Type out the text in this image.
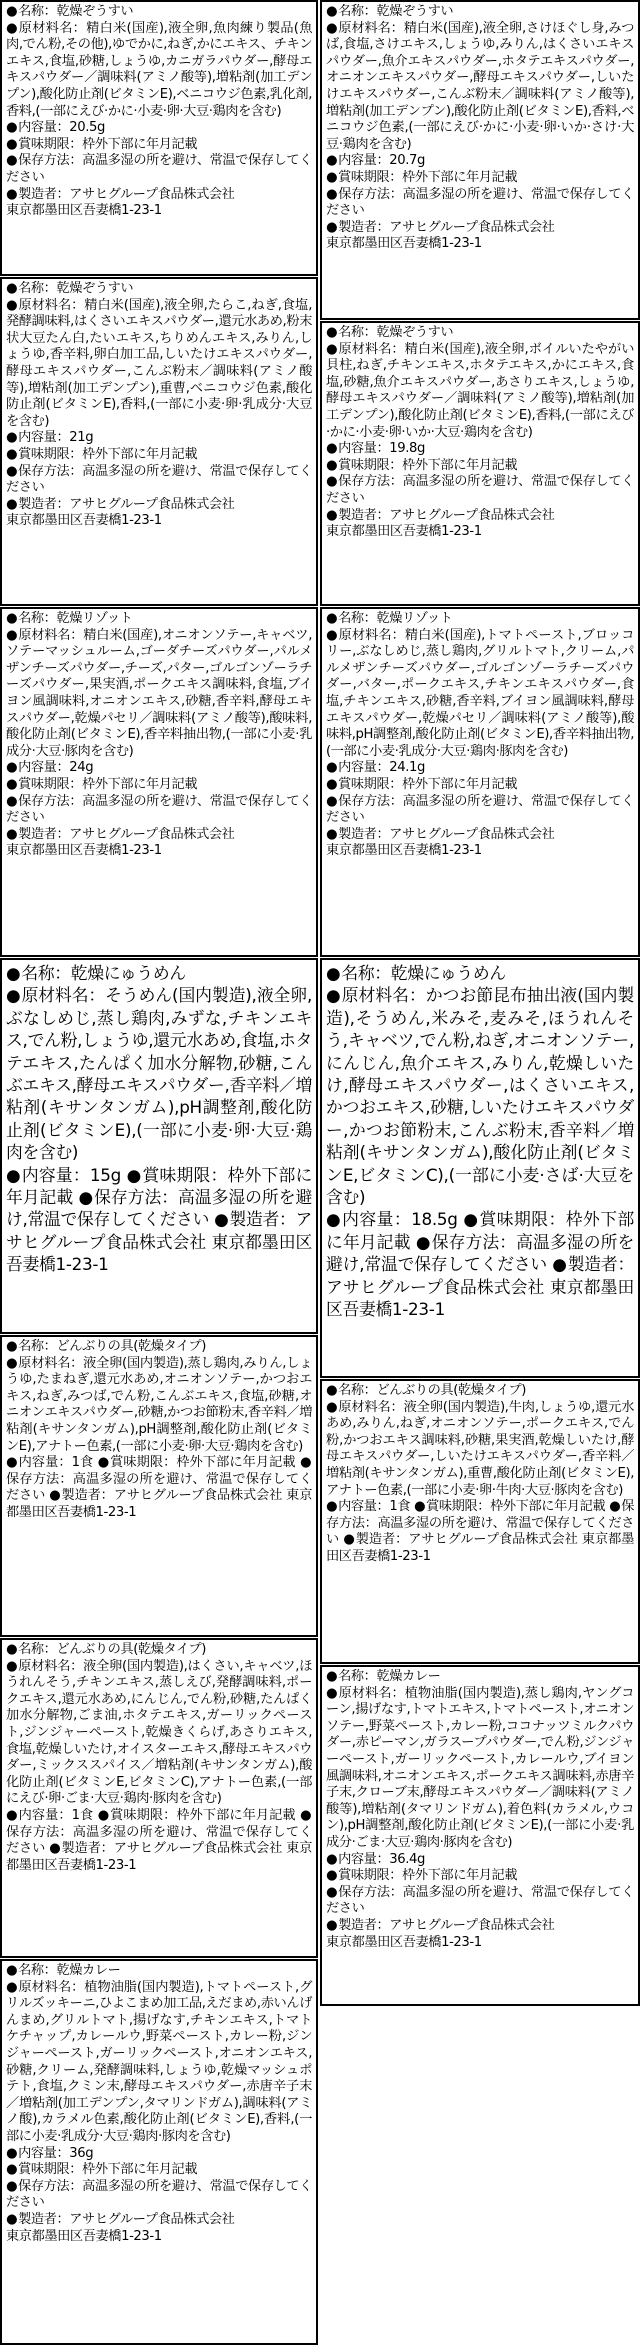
●名称：乾燥ぞうすい
●原材料名：精白米(国産),液全卵,魚肉練り製品(魚肉,でん粉,その他),ゆでかに,ねぎ,かにエキス、チキンエキス,食塩,砂糖,しょうゆ,カニガラパウダー,酵母エキスパウダー／調味料(アミノ酸等),増粘剤(加工デンプン),酸化防止剤(ビタミンE),ベニコウジ色素,乳化剤,香料,(一部にえび·かに·小麦·卵·大豆·鶏肉を含む)
●内容量：20.5g
●賞味期限：枠外下部に年月記載
●保存方法：高温多湿の所を避け、常温で保存してください
●製造者：アサヒグループ食品株式会社
東京都墨田区吾妻橋1-23-1
●名称：乾燥ぞうすい
●原材料名：精白米(国産),液全卵,たらこ,ねぎ,食塩,発酵調味料,はくさいエキスパウダー,還元水あめ,粉末状大豆たん白,たいエキス,ちりめんエキス,みりん,しょうゆ,香辛料,卵白加工品,しいたけエキスパウダー,酵母エキスパウダー,こんぶ粉末／調味料(アミノ酸等),増粘剤(加工デンプン),重曹,ベニコウジ色素,酸化防止剤(ビタミンE),香料,(一部に小麦·卵·乳成分·大豆を含む)
●内容量：21g
●賞味期限：枠外下部に年月記載
●保存方法：高温多湿の所を避け、常温で保存してください
●製造者：アサヒグループ食品株式会社
東京都墨田区吾妻橋1-23-1
●名称：乾燥リゾット
●原材料名：精白米(国産),オニオンソテー,キャベツ,ソテーマッシュルーム,ゴーダチーズパウダー,パルメザンチーズパウダー,チーズ,パター,ゴルゴンゾーラチーズパウダー,果実酒,ポークエキス調味料,食塩,ブイヨン風調味料,オニオンエキス,砂糖,香辛料,酵母エキスパウダー,乾燥パセリ／調味料(アミノ酸等),酸味料,酸化防止剤(ビタミンE),香辛料抽出物,(一部に小麦·乳成分·大豆·豚肉を含む)
●内容量：24g
●賞味期限：枠外下部に年月記載
●保存方法：高温多湿の所を避け、常温で保存してください
●製造者：アサヒグループ食品株式会社
東京都墨田区吾妻橋1-23-1
●名称：乾燥にゅうめん
●原材料名：そうめん(国内製造),液全卵,ぶなしめじ,蒸し鶏肉,みずな,チキンエキス,でん粉,しょうゆ,還元水あめ,食塩,ホタテエキス,たんぱく加水分解物,砂糖,こんぶエキス,酵母エキスパウダー,香辛料／増粘剤(キサンタンガム),pH調整剤,酸化防止剤(ビタミンE),(一部に小麦·卵·大豆·鶏肉を含む)
●内容量：15g ●賞味期限：枠外下部に年月記載 ●保存方法：高温多湿の所を避け,常温で保存してください ●製造者：アサヒグループ食品株式会社 東京都墨田区吾妻橋1-23-1
●名称：どんぶりの具(乾燥タイプ)
●原材料名：液全卵(国内製造),蒸し鶏肉,みりん,しょうゆ,たまねぎ,還元水あめ,オニオンソテー,かつおエキス,ねぎ,みつば,でん粉,こんぶエキス,食塩,砂糖,オニオンエキスパウダー,砂糖,かつお節粉末,香辛料／増粘剤(キサンタンガム),pH調整剤,酸化防止剤(ビタミンE),アナトー色素,(一部に小麦·卵·大豆·鶏肉を含む)
●内容量：1食 ●賞味期限：枠外下部に年月記載 ●保存方法：高温多湿の所を避け、常温で保存してください ●製造者：アサヒグループ食品株式会社 東京都墨田区吾妻橋1-23-1
●名称：どんぶりの具(乾燥タイプ)
●原材料名：液全卵(国内製造),はくさい,キャベツ,ほうれんそう,チキンエキス,蒸しえび,発酵調味料,ポークエキス,還元水あめ,にんじん,でん粉,砂糖,たんぱく加水分解物,ごま油,ホタテエキス,ガーリックペースト,ジンジャーペースト,乾燥きくらげ,あさりエキス,食塩,乾燥しいたけ,オイスターエキス,酵母エキスパウダー,ミックススパイス／増粘剤(キサンタンガム),酸化防止剤(ビタミンE,ビタミンC),アナトー色素,(一部にえび·卵·ごま·大豆·鶏肉·豚肉を含む)
●内容量：1食 ●賞味期限：枠外下部に年月記載 ●保存方法：高温多湿の所を避け、常温で保存してください ●製造者：アサヒグループ食品株式会社 東京都墨田区吾妻橋1-23-1
●名称：乾燥カレー
●原材料名：植物油脂(国内製造),トマトペースト,グリルズッキーニ,ひよこまめ加工品,えだまめ,赤いんげんまめ,グリルトマト,揚げなす,チキンエキス,トマトケチャップ,カレールウ,野菜ペースト,カレー粉,ジンジャーペースト,ガーリックペースト,オニオンエキス,砂糖,クリーム,発酵調味料,しょうゆ,乾燥マッシュポテト,食塩,クミン末,酵母エキスパウダー,赤唐辛子末／増粘剤(加工デンプン,タマリンドガム),調味料(アミノ酸),カラメル色素,酸化防止剤(ビタミンE),香料,(一部に小麦·乳成分·大豆·鶏肉·豚肉を含む)
●内容量：36g
●賞味期限：枠外下部に年月記載
●保存方法：高温多湿の所を避け、常温で保存してください
●製造者：アサヒグループ食品株式会社
東京都墨田区吾妻橋1-23-1
●名称：乾燥ぞうすい
●原材料名：精白米(国産),液全卵,さけほぐし身,みつば,食塩,さけエキス,しょうゆ,みりん,はくさいエキスパウダー,魚介エキスパウダー,ホタテエキスパウダー,オニオンエキスパウダー,酵母エキスパウダー,しいたけエキスパウダー,こんぶ粉末／調味料(アミノ酸等),増粘剤(加工デンプン),酸化防止剤(ビタミンE),香料,ベニコウジ色素,(一部にえび·かに·小麦·卵·いか·さけ·大豆·鶏肉を含む)
●内容量：20.7g
●賞味期限：枠外下部に年月記載
●保存方法：高温多湿の所を避け、常温で保存してください
●製造者：アサヒグループ食品株式会社
東京都墨田区吾妻橋1-23-1
●名称：乾燥ぞうすい
●原材料名：精白米(国産),液全卵,ボイルいたやがい貝柱,ねぎ,チキンエキス,ホタテエキス,かにエキス,食塩,砂糖,魚介エキスパウダー,あさりエキス,しょうゆ,酵母エキスパウダー／調味料(アミノ酸等),増粘剤(加工デンプン),酸化防止剤(ビタミンE),香料,(一部にえび·かに·小麦·卵·いか·大豆·鶏肉を含む)
●内容量：19.8g
●賞味期限：枠外下部に年月記載
●保存方法：高温多湿の所を避け、常温で保存してください
●製造者：アサヒグループ食品株式会社
東京都墨田区吾妻橋1-23-1
●名称：乾燥リゾット
●原材料名：精白米(国産),トマトペースト,ブロッコリー,ぶなしめじ,蒸し鶏肉,グリルトマト,クリーム,パルメザンチーズパウダー,ゴルゴンゾーラチーズパウダー,バター,ポークエキス,チキンエキスパウダー,食塩,チキンエキス,砂糖,香辛料,ブイヨン風調味料,酵母エキスパウダー,乾燥パセリ／調味料(アミノ酸等),酸味料,pH調整剤,酸化防止剤(ビタミンE),香辛料抽出物,(一部に小麦·乳成分·大豆·鶏肉·豚肉を含む)
●内容量：24.1g
●賞味期限：枠外下部に年月記載
●保存方法：高温多湿の所を避け、常温で保存してください
●製造者：アサヒグループ食品株式会社
東京都墨田区吾妻橋1-23-1
●名称：乾燥にゅうめん
●原材料名：かつお節昆布抽出液(国内製造),そうめん,米みそ,麦みそ,ほうれんそう,キャベツ,でん粉,ねぎ,オニオンソテー,にんじん,魚介エキス,みりん,乾燥しいたけ,酵母エキスパウダー,はくさいエキス,かつおエキス,砂糖,しいたけエキスパウダー,かつお節粉末,こんぶ粉末,香辛料／増粘剤(キサンタンガム),酸化防止剤(ビタミンE,ビタミンC),(一部に小麦·さば·大豆を含む)
●内容量：18.5g ●賞味期限：枠外下部に年月記載 ●保存方法：高温多湿の所を避け,常温で保存してください ●製造者：アサヒグループ食品株式会社 東京都墨田区吾妻橋1-23-1
●名称：どんぶりの具(乾燥タイプ)
●原材料名：液全卵(国内製造),牛肉,しょうゆ,還元水あめ,みりん,ねぎ,オニオンソテー,ポークエキス,でん粉,かつおエキス調味料,砂糖,果実酒,乾燥しいたけ,酵母エキスパウダー,しいたけエキスパウダー,香辛料／増粘剤(キサンタンガム),重曹,酸化防止剤(ビタミンE),アナトー色素,(一部に小麦·卵·牛肉·大豆·豚肉を含む)
●内容量：1食 ●賞味期限：枠外下部に年月記載 ●保存方法：高温多湿の所を避け、常温で保存してください ●製造者：アサヒグループ食品株式会社 東京都墨田区吾妻橋1-23-1
●名称：乾燥カレー
●原材料名：植物油脂(国内製造),蒸し鶏肉,ヤングコーン,揚げなす,トマトエキス,トマトペースト,オニオンソテー,野菜ペースト,カレー粉,ココナッツミルクパウダー,赤ピーマン,ガラスープパウダー,でん粉,ジンジャーペースト,ガーリックペースト,カレールウ,ブイヨン風調味料,オニオンエキス,ポークエキス調味料,赤唐辛子末,クローブ末,酵母エキスパウダー／調味料(アミノ酸等),増粘剤(タマリンドガム),着色料(カラメル,ウコン),pH調整剤,酸化防止剤(ビタミンE),(一部に小麦·乳成分·ごま·大豆·鶏肉·豚肉を含む)
●内容量：36.4g
●賞味期限：枠外下部に年月記載
●保存方法：高温多湿の所を避け、常温で保存してください
●製造者：アサヒグループ食品株式会社
東京都墨田区吾妻橋1-23-1
